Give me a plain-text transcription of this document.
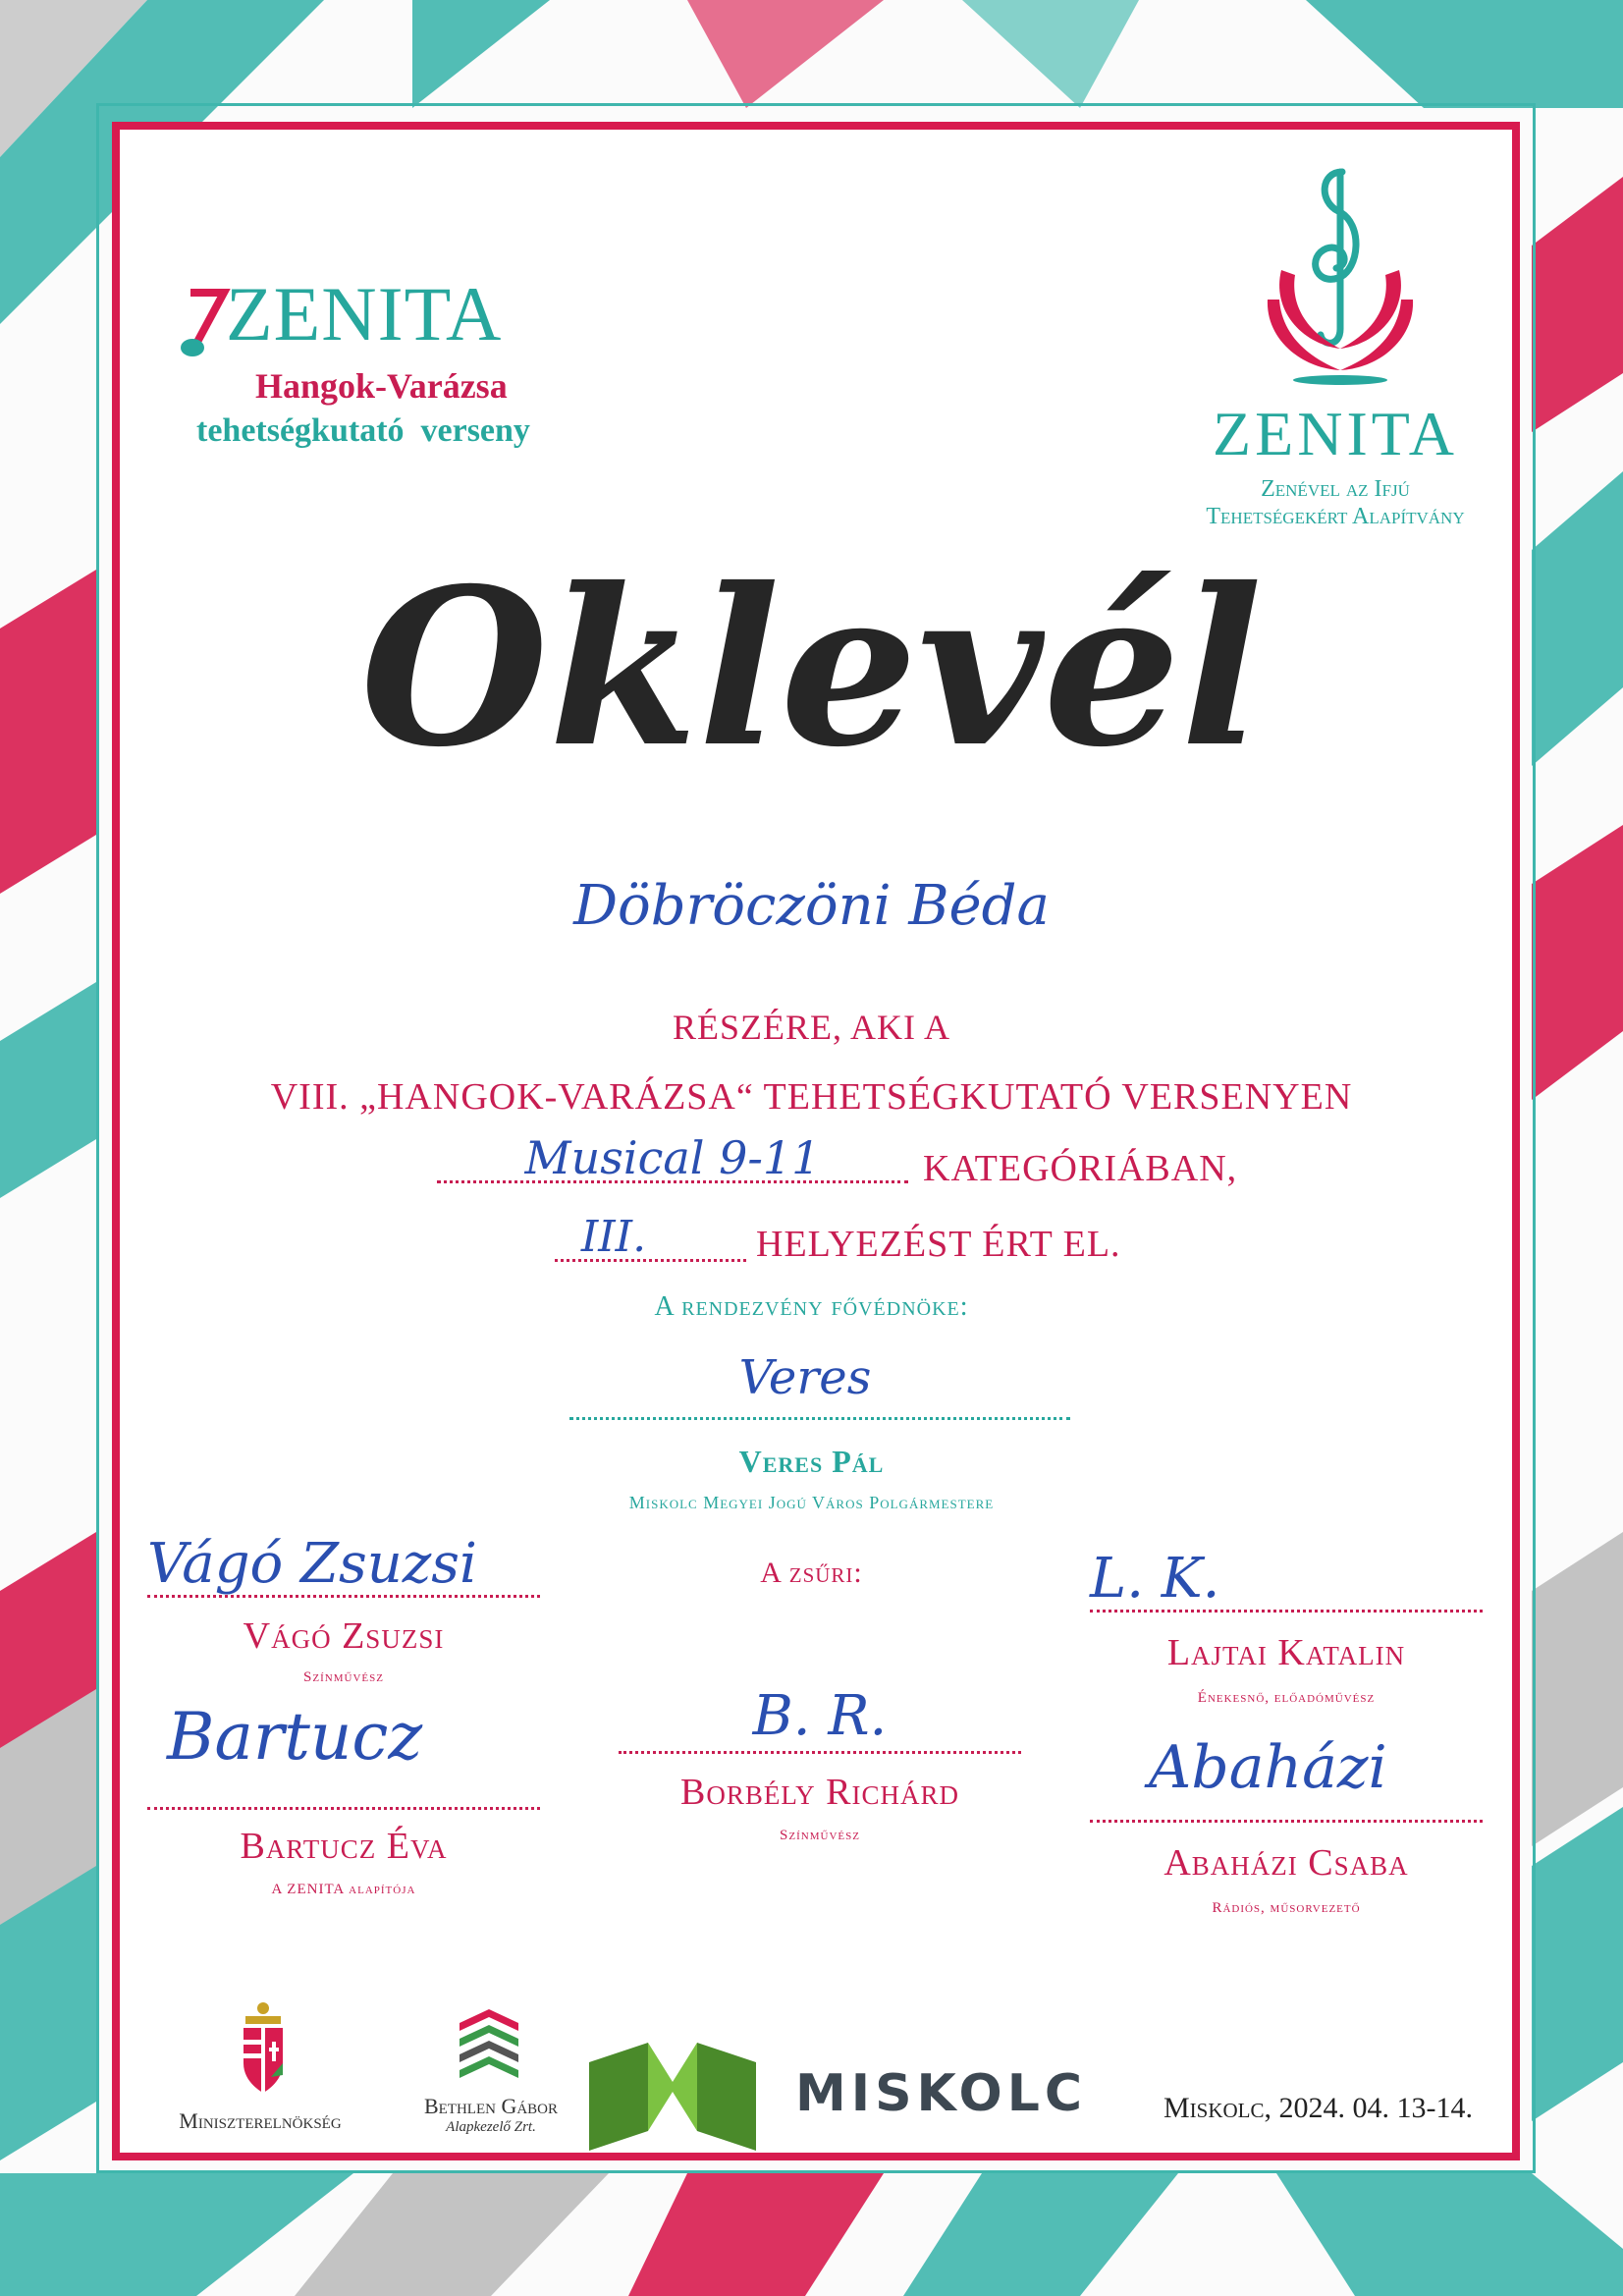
ZENITA
Hangok-Varázsa
tehetségkutató  verseny	ZENITA
Zenével az Ifjú
Tehetségekért Alapítvány
Oklevél
Döbröczöni Béda
RÉSZÉRE, AKI A
VIII. „HANGOK-VARÁZSA“ TEHETSÉGKUTATÓ VERSENYEN
Musical 9-11	KATEGÓRIÁBAN,
III.	HELYEZÉST ÉRT EL.
A rendezvény fővédnöke:
Veres
Veres Pál
Miskolc Megyei Jogú Város Polgármestere
A zsűri:
Vágó Zsuzsi
Vágó Zsuzsi
Színművész
L. K.
Lajtai Katalin
Énekesnő, előadóművész
B. R.
Borbély Richárd
Színművész
Bartucz
Bartucz Éva
A ZENITA alapítója
Abaházi
Abaházi Csaba
Rádiós, műsorvezető
Miniszterelnökség
Bethlen Gábor
Alapkezelő Zrt.
MISKOLC	Miskolc, 2024. 04. 13-14.
